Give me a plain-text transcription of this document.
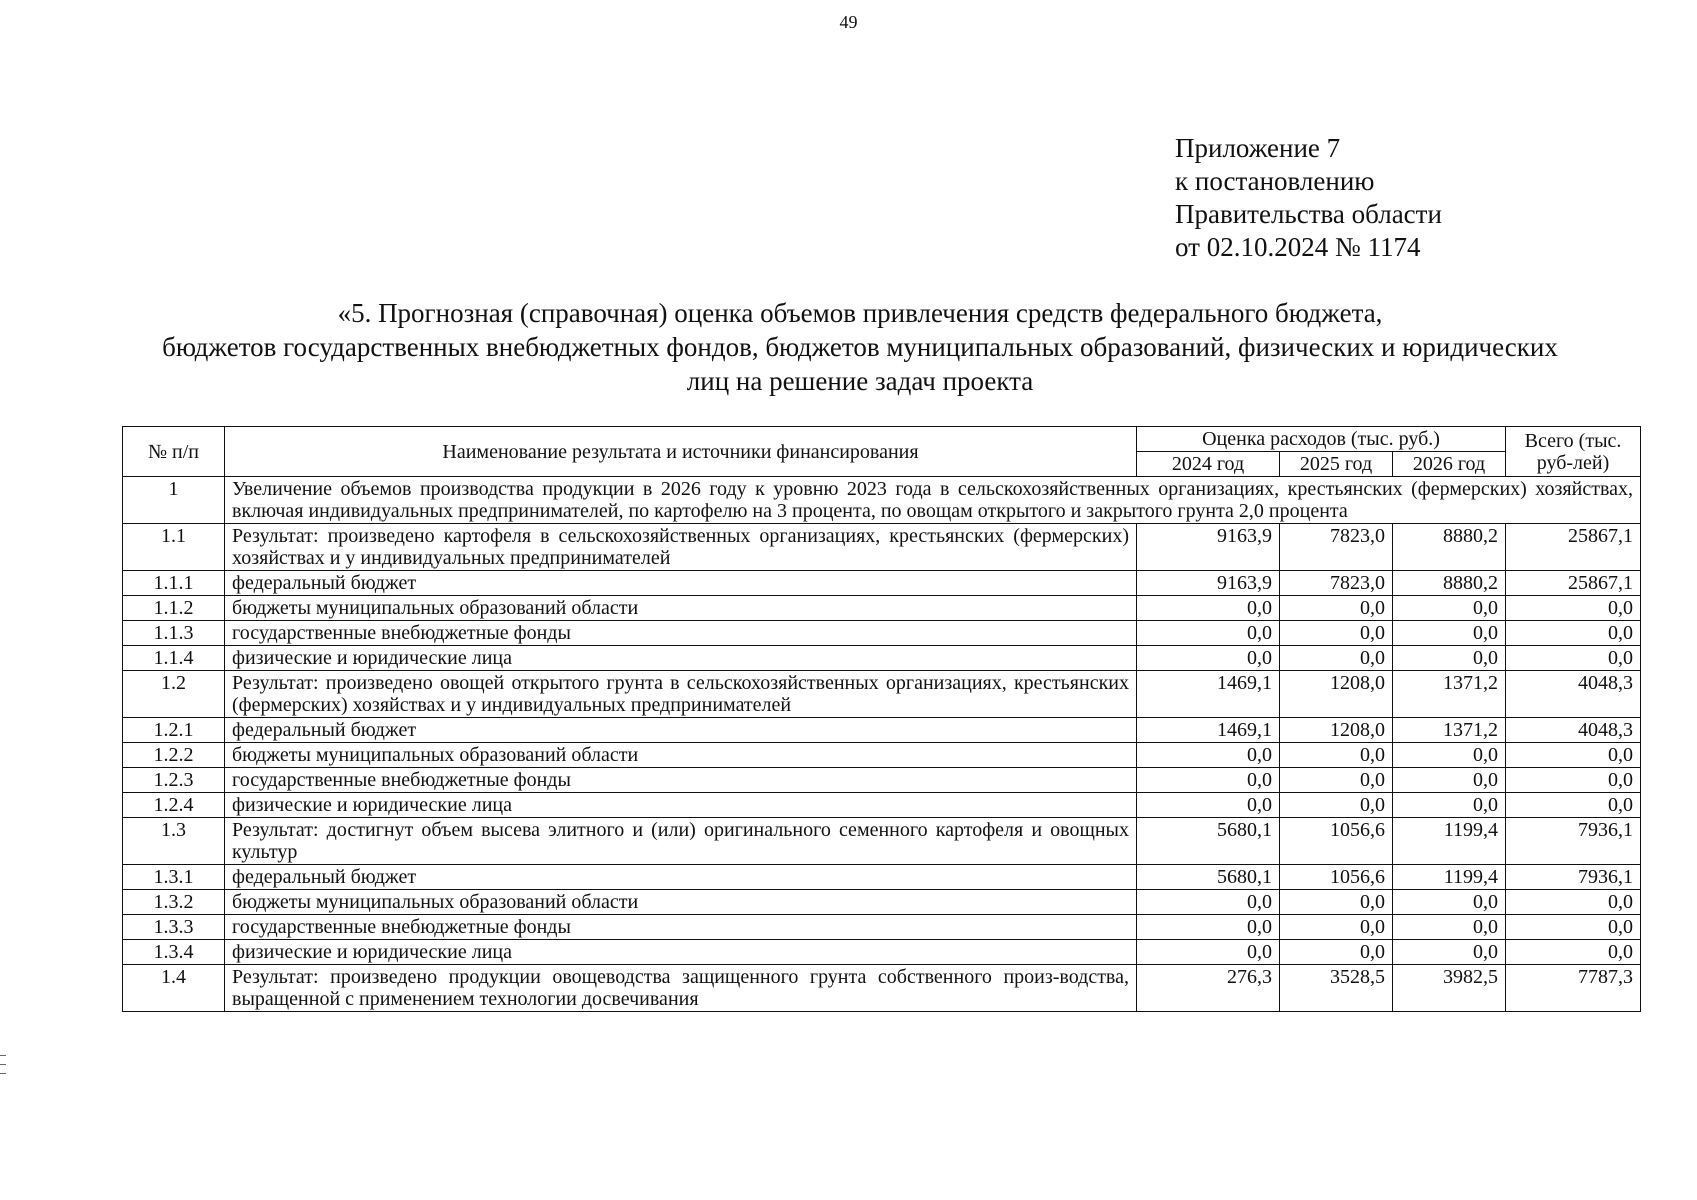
49
Приложение 7
к постановлению
Правительства области
от 02.10.2024 № 1174
«5. Прогнозная (справочная) оценка объемов привлечения средств федерального бюджета,
бюджетов государственных внебюджетных фондов, бюджетов муниципальных образований, физических и юридических
лиц на решение задач проекта
№ п/п	Наименование результата и источники финансирования	Оценка расходов (тыс. руб.)			Всего (тыс. руб-лей)
		2024 год	2025 год	2026 год	
1	Увеличение объемов производства продукции в 2026 году к уровню 2023 года в сельскохозяйственных организациях, крестьянских (фермерских) хозяйствах, включая индивидуальных предпринимателей, по картофелю на 3 процента, по овощам открытого и закрытого грунта 2,0 процента				
1.1	Результат: произведено картофеля в сельскохозяйственных организациях, крестьянских (фермерских) хозяйствах и у индивидуальных предпринимателей	9163,9	7823,0	8880,2	25867,1
1.1.1	федеральный бюджет	9163,9	7823,0	8880,2	25867,1
1.1.2	бюджеты муниципальных образований области	0,0	0,0	0,0	0,0
1.1.3	государственные внебюджетные фонды	0,0	0,0	0,0	0,0
1.1.4	физические и юридические лица	0,0	0,0	0,0	0,0
1.2	Результат: произведено овощей открытого грунта в сельскохозяйственных организациях, крестьянских (фермерских) хозяйствах и у индивидуальных предпринимателей	1469,1	1208,0	1371,2	4048,3
1.2.1	федеральный бюджет	1469,1	1208,0	1371,2	4048,3
1.2.2	бюджеты муниципальных образований области	0,0	0,0	0,0	0,0
1.2.3	государственные внебюджетные фонды	0,0	0,0	0,0	0,0
1.2.4	физические и юридические лица	0,0	0,0	0,0	0,0
1.3	Результат: достигнут объем высева элитного и (или) оригинального семенного картофеля и овощных культур	5680,1	1056,6	1199,4	7936,1
1.3.1	федеральный бюджет	5680,1	1056,6	1199,4	7936,1
1.3.2	бюджеты муниципальных образований области	0,0	0,0	0,0	0,0
1.3.3	государственные внебюджетные фонды	0,0	0,0	0,0	0,0
1.3.4	физические и юридические лица	0,0	0,0	0,0	0,0
1.4	Результат: произведено продукции овощеводства защищенного грунта собственного произ-водства, выращенной с применением технологии досвечивания	276,3	3528,5	3982,5	7787,3
